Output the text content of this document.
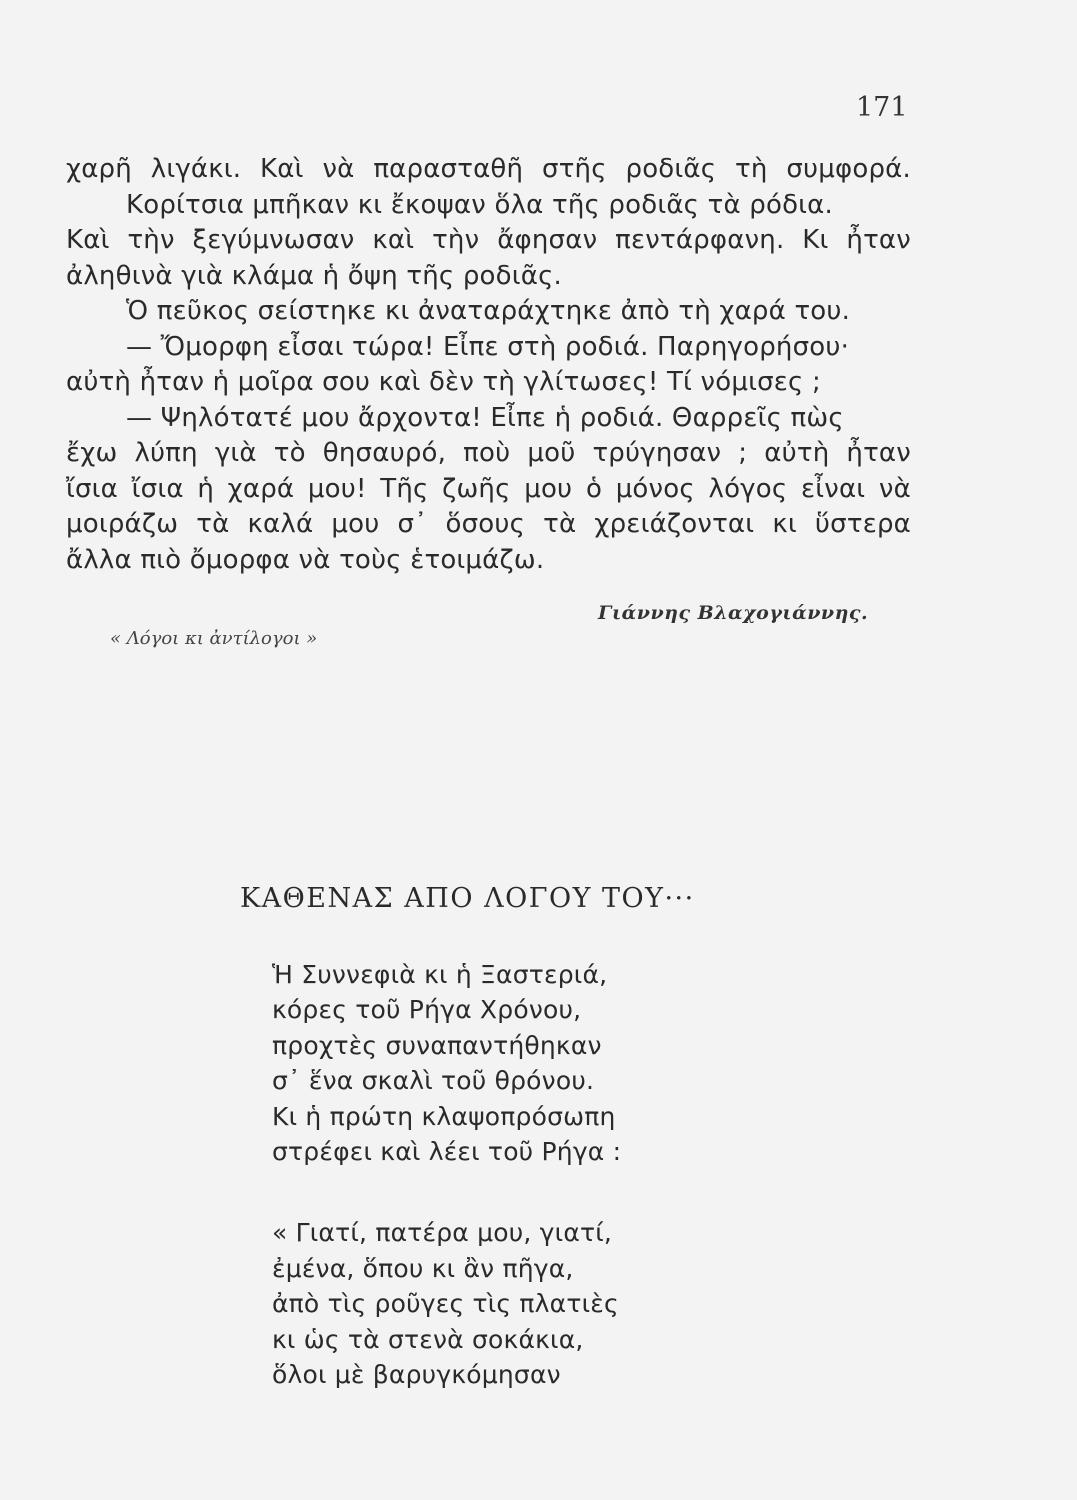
171
χαρῆ λιγάκι. Καὶ νὰ παρασταθῆ στῆς ροδιᾶς τὴ συμφορά.
Κορίτσια μπῆκαν κι ἔκοψαν ὅλα τῆς ροδιᾶς τὰ ρόδια.
Καὶ τὴν ξεγύμνωσαν καὶ τὴν ἄφησαν πεντάρφανη. Κι ἦταν
ἀληθινὰ γιὰ κλάμα ἡ ὄψη τῆς ροδιᾶς.
Ὁ πεῦκος σείστηκε κι ἀναταράχτηκε ἀπὸ τὴ χαρά του.
— Ὄμορφη εἶσαι τώρα! Εἶπε στὴ ροδιά. Παρηγορήσου·
αὐτὴ ἦταν ἡ μοῖρα σου καὶ δὲν τὴ γλίτωσες! Τί νόμισες ;
— Ψηλότατέ μου ἄρχοντα! Εἶπε ἡ ροδιά. Θαρρεῖς πὼς
ἔχω λύπη γιὰ τὸ θησαυρό, ποὺ μοῦ τρύγησαν ; αὐτὴ ἦταν
ἴσια ἴσια ἡ χαρά μου! Τῆς ζωῆς μου ὁ μόνος λόγος εἶναι νὰ
μοιράζω τὰ καλά μου σ᾽ ὅσους τὰ χρειάζονται κι ὕστερα
ἄλλα πιὸ ὄμορφα νὰ τοὺς ἑτοιμάζω.
Γιάννης Βλαχογιάννης.
« Λόγοι κι ἀντίλογοι »
ΚΑΘΕΝΑΣ ΑΠΟ ΛΟΓΟΥ ΤΟΥ···
Ἡ Συννεφιὰ κι ἡ Ξαστεριά,
κόρες τοῦ Ρήγα Χρόνου,
προχτὲς συναπαντήθηκαν
σ᾽ ἕνα σκαλὶ τοῦ θρόνου.
Κι ἡ πρώτη κλαψοπρόσωπη
στρέφει καὶ λέει τοῦ Ρήγα :
« Γιατί, πατέρα μου, γιατί,
ἐμένα, ὅπου κι ἂν πῆγα,
ἀπὸ τὶς ροῦγες τὶς πλατιὲς
κι ὡς τὰ στενὰ σοκάκια,
ὅλοι μὲ βαρυγκόμησαν
